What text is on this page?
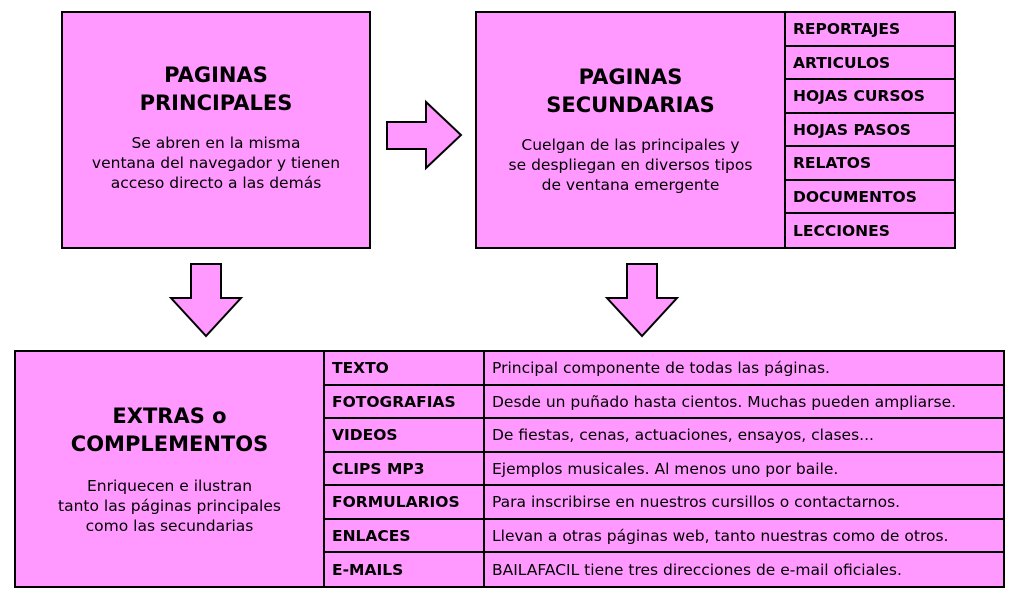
PAGINAS
PRINCIPALES
Se abren en la misma
ventana del navegador y tienen
acceso directo a las demás
PAGINAS
SECUNDARIAS
Cuelgan de las principales y
se despliegan en diversos tipos
de ventana emergente
REPORTAJES
ARTICULOS
HOJAS CURSOS
HOJAS PASOS
RELATOS
DOCUMENTOS
LECCIONES
EXTRAS o
COMPLEMENTOS
Enriquecen e ilustran
tanto las páginas principales
como las secundarias
TEXTO	Principal componente de todas las páginas.
FOTOGRAFIAS Desde un puñado hasta cientos. Muchas pueden ampliarse.
VIDEOS	De fiestas, cenas, actuaciones, ensayos, clases...
CLIPS MP3	Ejemplos musicales. Al menos uno por baile.
FORMULARIOS Para inscribirse en nuestros cursillos o contactarnos.
ENLACES	Llevan a otras páginas web, tanto nuestras como de otros.
E-MAILS	BAILAFACIL tiene tres direcciones de e-mail oficiales.
